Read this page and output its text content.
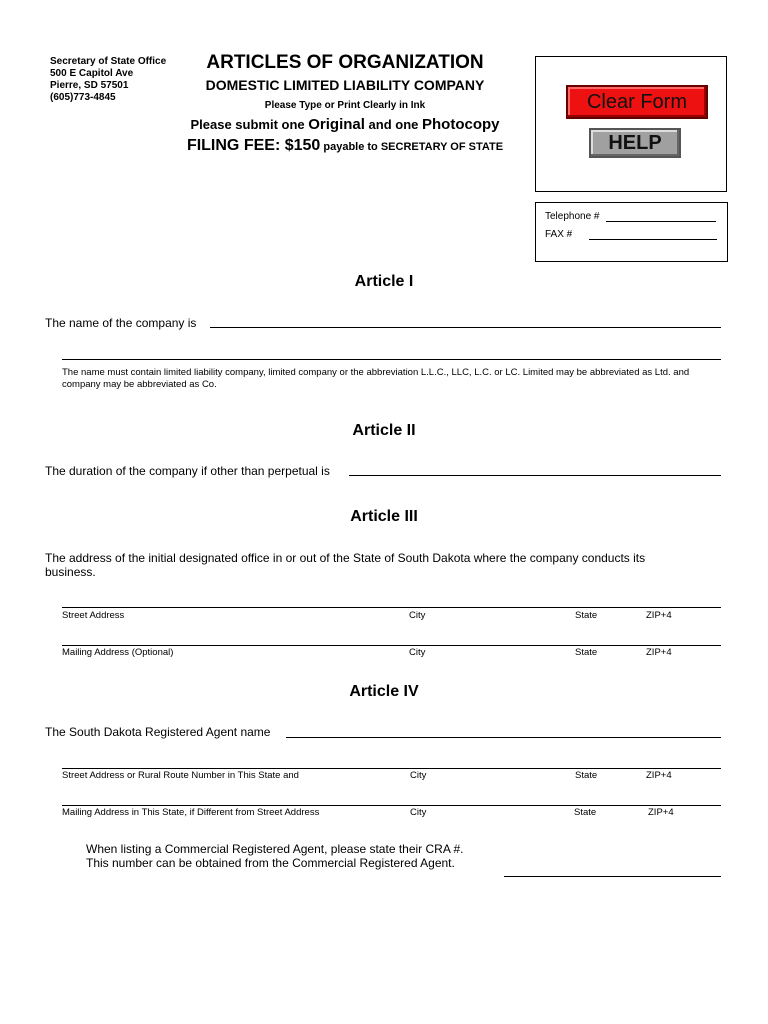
Secretary of State Office
500 E Capitol Ave
Pierre, SD 57501
(605)773-4845
ARTICLES OF ORGANIZATION
DOMESTIC LIMITED LIABILITY COMPANY
Please Type or Print Clearly in Ink
Please submit one Original and one Photocopy
FILING FEE: $150 payable to SECRETARY OF STATE
Clear Form
HELP
Telephone #
FAX #
Article I
The name of the company is
The name must contain limited liability company, limited company or the abbreviation L.L.C., LLC, L.C. or LC. Limited may be abbreviated as Ltd. and company may be abbreviated as Co.
Article II
The duration of the company if other than perpetual is
Article III
The address of the initial designated office in or out of the State of South Dakota where the company conducts its business.
Street Address	City	State	ZIP+4
Mailing Address (Optional)	City	State	ZIP+4
Article IV
The South Dakota Registered Agent name
Street Address or Rural Route Number in This State and	City	State	ZIP+4
Mailing Address in This State, if Different from Street Address	City	State	ZIP+4
When listing a Commercial Registered Agent, please state their CRA #.
This number can be obtained from the Commercial Registered Agent.
